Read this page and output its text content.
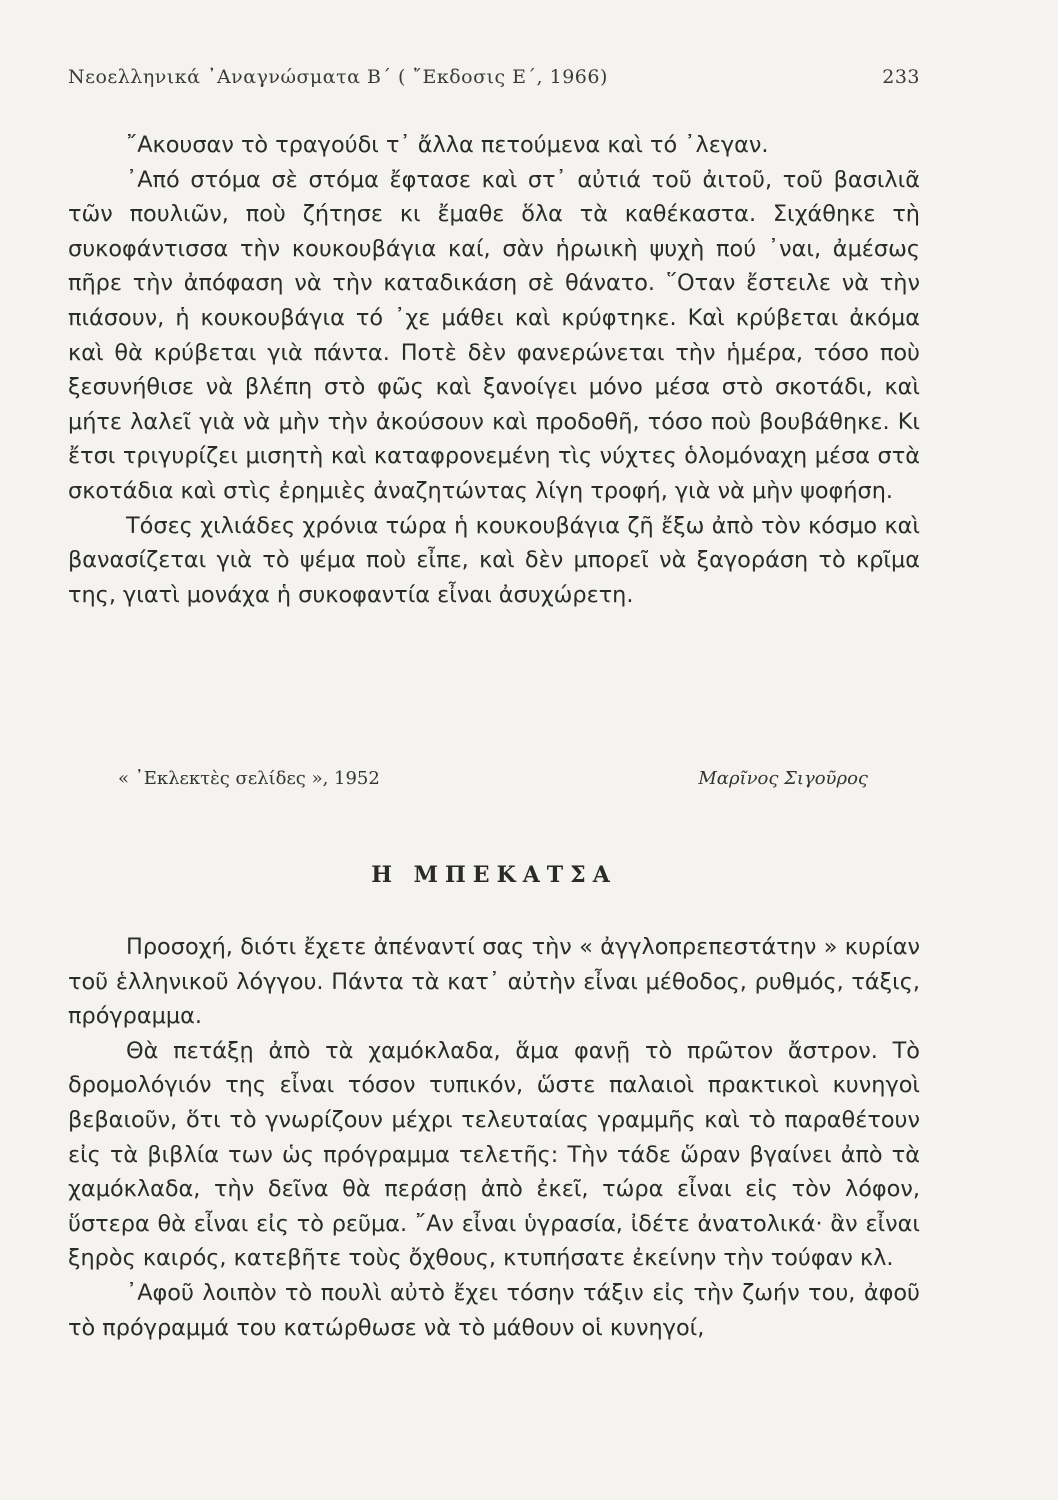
Νεοελληνικά ᾿Αναγνώσματα Β΄ ( ῎Εκδοσις Ε΄, 1966)	233

῎Ακουσαν τὸ τραγούδι τ᾿ ἄλλα πετούμενα καὶ τό ᾿λεγαν.

᾿Από στόμα σὲ στόμα ἔφτασε καὶ στ᾿ αὐτιά τοῦ ἀιτοῦ, τοῦ βασιλιᾶ τῶν πουλιῶν, ποὺ ζήτησε κι ἔμαθε ὅλα τὰ καθέκαστα. Σιχάθηκε τὴ συκοφάντισσα τὴν κουκουβάγια καί, σὰν ἡρωικὴ ψυχὴ πού ᾿ναι, ἀμέσως πῆρε τὴν ἀπόφαση νὰ τὴν καταδικάση σὲ θάνατο. ῞Οταν ἔστειλε νὰ τὴν πιάσουν, ἡ κουκουβάγια τό ᾿χε μάθει καὶ κρύφτηκε. Καὶ κρύβεται ἀκόμα καὶ θὰ κρύβεται γιὰ πάντα. Ποτὲ δὲν φανερώνεται τὴν ἡμέρα, τόσο ποὺ ξεσυνήθισε νὰ βλέπη στὸ φῶς καὶ ξανοίγει μόνο μέσα στὸ σκοτάδι, καὶ μήτε λαλεῖ γιὰ νὰ μὴν τὴν ἀκούσουν καὶ προδοθῆ, τόσο ποὺ βουβάθηκε. Κι ἔτσι τριγυρίζει μισητὴ καὶ καταφρονεμένη τὶς νύχτες ὁλομόναχη μέσα στὰ σκοτάδια καὶ στὶς ἐρημιὲς ἀναζητώντας λίγη τροφή, γιὰ νὰ μὴν ψοφήση.

Τόσες χιλιάδες χρόνια τώρα ἡ κουκουβάγια ζῆ ἔξω ἀπὸ τὸν κόσμο καὶ βανασίζεται γιὰ τὸ ψέμα ποὺ εἶπε, καὶ δὲν μπορεῖ νὰ ξαγοράση τὸ κρῖμα της, γιατὶ μονάχα ἡ συκοφαντία εἶναι ἀσυχώρετη.

« ᾿Εκλεκτὲς σελίδες », 1952	Μαρῖνος Σιγοῦρος
Η ΜΠΕΚΑΤΣΑ

Προσοχή, διότι ἔχετε ἀπέναντί σας τὴν « ἀγγλοπρεπεστάτην » κυρίαν τοῦ ἑλληνικοῦ λόγγου. Πάντα τὰ κατ᾿ αὐτὴν εἶναι μέθοδος, ρυθμός, τάξις, πρόγραμμα.

Θὰ πετάξῃ ἀπὸ τὰ χαμόκλαδα, ἅμα φανῇ τὸ πρῶτον ἄστρον. Τὸ δρομολόγιόν της εἶναι τόσον τυπικόν, ὥστε παλαιοὶ πρακτικοὶ κυνηγοὶ βεβαιοῦν, ὅτι τὸ γνωρίζουν μέχρι τελευταίας γραμμῆς καὶ τὸ παραθέτουν εἰς τὰ βιβλία των ὡς πρόγραμμα τελετῆς: Τὴν τάδε ὥραν βγαίνει ἀπὸ τὰ χαμόκλαδα, τὴν δεῖνα θὰ περάσῃ ἀπὸ ἐκεῖ, τώρα εἶναι εἰς τὸν λόφον, ὕστερα θὰ εἶναι εἰς τὸ ρεῦμα. ῎Αν εἶναι ὑγρασία, ἰδέτε ἀνατολικά· ἂν εἶναι ξηρὸς καιρός, κατεβῆτε τοὺς ὄχθους, κτυπήσατε ἐκείνην τὴν τούφαν κλ.

᾿Αφοῦ λοιπὸν τὸ πουλὶ αὐτὸ ἔχει τόσην τάξιν εἰς τὴν ζωήν του, ἀφοῦ τὸ πρόγραμμά του κατώρθωσε νὰ τὸ μάθουν οἱ κυνηγοί,
